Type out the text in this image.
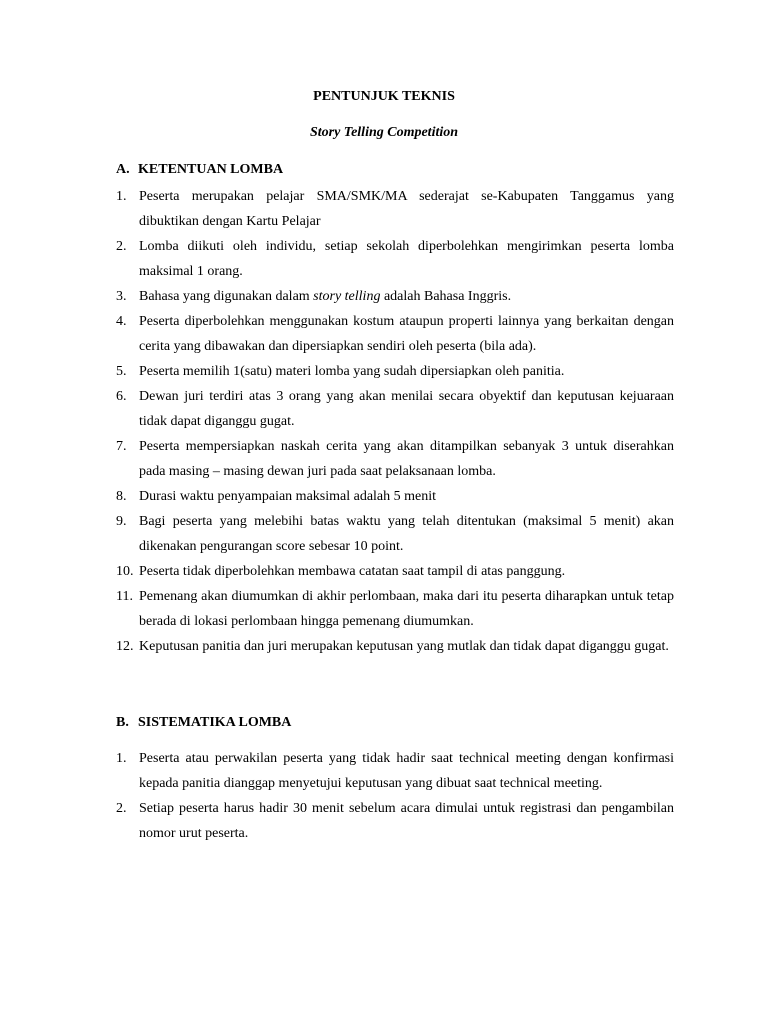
PENTUNJUK TEKNIS
Story Telling Competition
A. KETENTUAN LOMBA
1. Peserta merupakan pelajar SMA/SMK/MA sederajat se-Kabupaten Tanggamus yang dibuktikan dengan Kartu Pelajar
2. Lomba diikuti oleh individu, setiap sekolah diperbolehkan mengirimkan peserta lomba maksimal 1 orang.
3. Bahasa yang digunakan dalam story telling adalah Bahasa Inggris.
4. Peserta diperbolehkan menggunakan kostum ataupun properti lainnya yang berkaitan dengan cerita yang dibawakan dan dipersiapkan sendiri oleh peserta (bila ada).
5. Peserta memilih 1(satu) materi lomba yang sudah dipersiapkan oleh panitia.
6. Dewan juri terdiri atas 3 orang yang akan menilai secara obyektif dan keputusan kejuaraan tidak dapat diganggu gugat.
7. Peserta mempersiapkan naskah cerita yang akan ditampilkan sebanyak 3 untuk diserahkan pada masing – masing dewan juri pada saat pelaksanaan lomba.
8. Durasi waktu penyampaian maksimal adalah 5 menit
9. Bagi peserta yang melebihi batas waktu yang telah ditentukan (maksimal 5 menit) akan dikenakan pengurangan score sebesar 10 point.
10. Peserta tidak diperbolehkan membawa catatan saat tampil di atas panggung.
11. Pemenang akan diumumkan di akhir perlombaan, maka dari itu peserta diharapkan untuk tetap berada di lokasi perlombaan hingga pemenang diumumkan.
12. Keputusan panitia dan juri merupakan keputusan yang mutlak dan tidak dapat diganggu gugat.
B. SISTEMATIKA LOMBA
1. Peserta atau perwakilan peserta yang tidak hadir saat technical meeting dengan konfirmasi kepada panitia dianggap menyetujui keputusan yang dibuat saat technical meeting.
2. Setiap peserta harus hadir 30 menit sebelum acara dimulai untuk registrasi dan pengambilan nomor urut peserta.
